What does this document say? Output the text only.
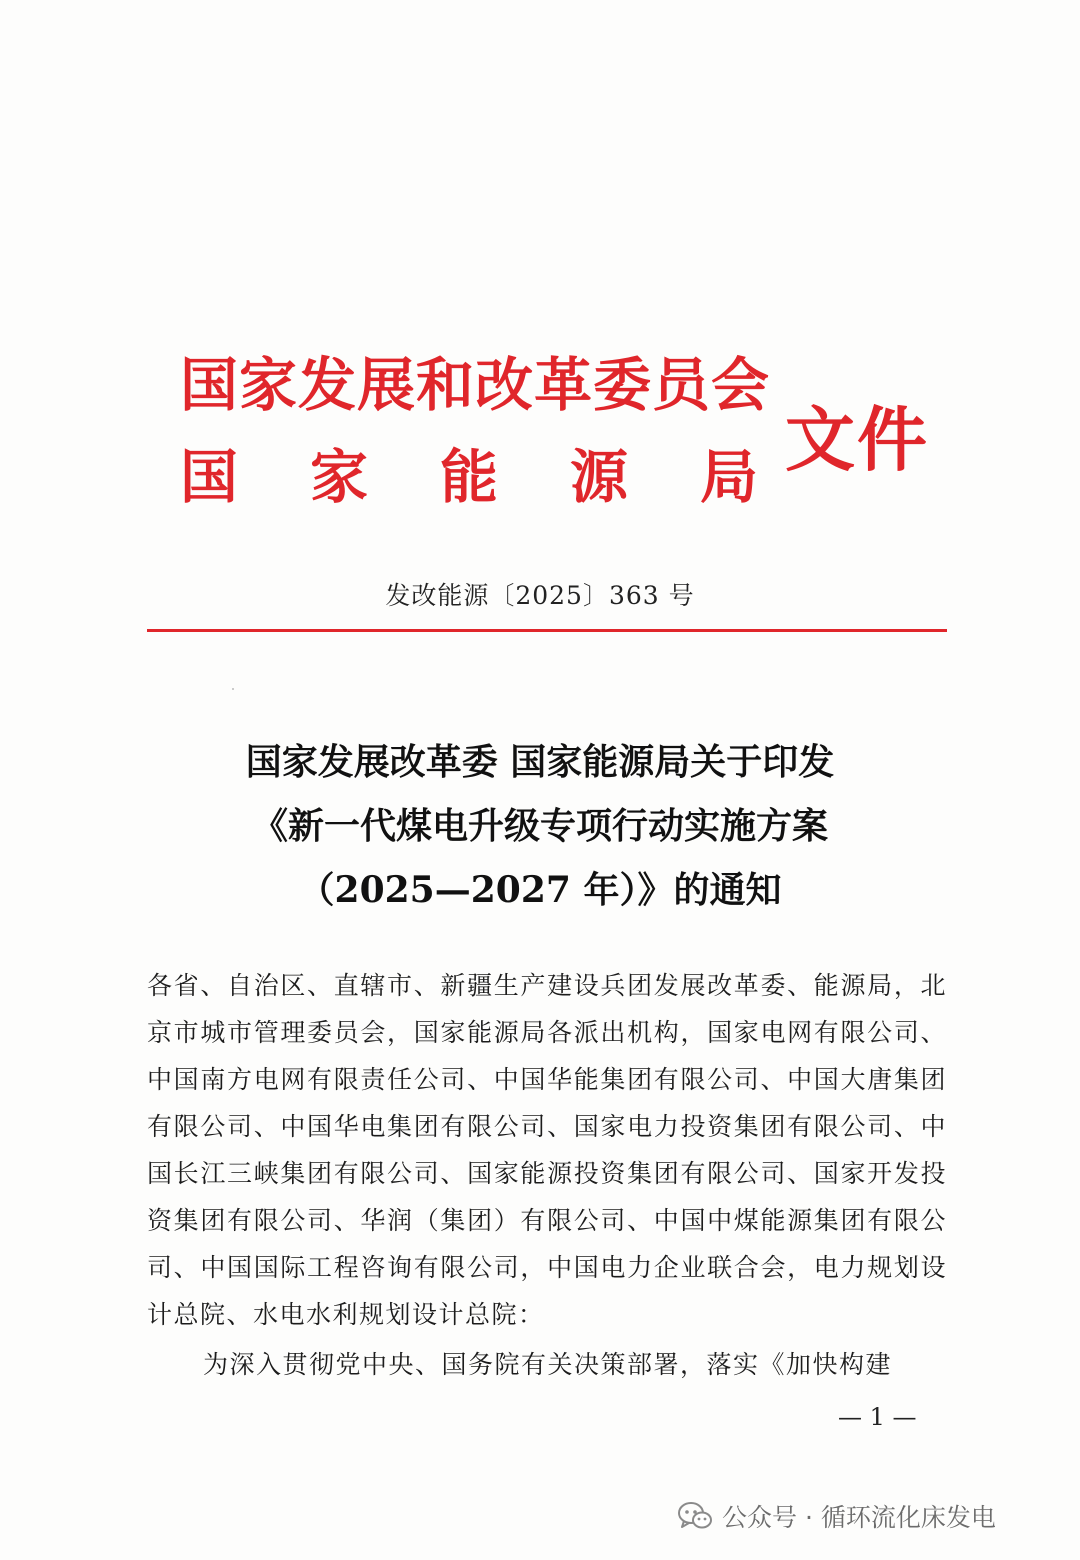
国家发展和改革委员会
国家能源局
文件
发改能源〔2025〕363 号
国家发展改革委 国家能源局关于印发
《新一代煤电升级专项行动实施方案
（2025—2027 年）》的通知

各省、自治区、直辖市、新疆生产建设兵团发展改革委、能源局，北京市城市管理委员会，国家能源局各派出机构，国家电网有限公司、中国南方电网有限责任公司、中国华能集团有限公司、中国大唐集团有限公司、中国华电集团有限公司、国家电力投资集团有限公司、中国长江三峡集团有限公司、国家能源投资集团有限公司、国家开发投资集团有限公司、华润（集团）有限公司、中国中煤能源集团有限公司、中国国际工程咨询有限公司，中国电力企业联合会，电力规划设计总院、水电水利规划设计总院：

为深入贯彻党中央、国务院有关决策部署，落实《加快构建

— 1 —
公众号 · 循环流化床发电
